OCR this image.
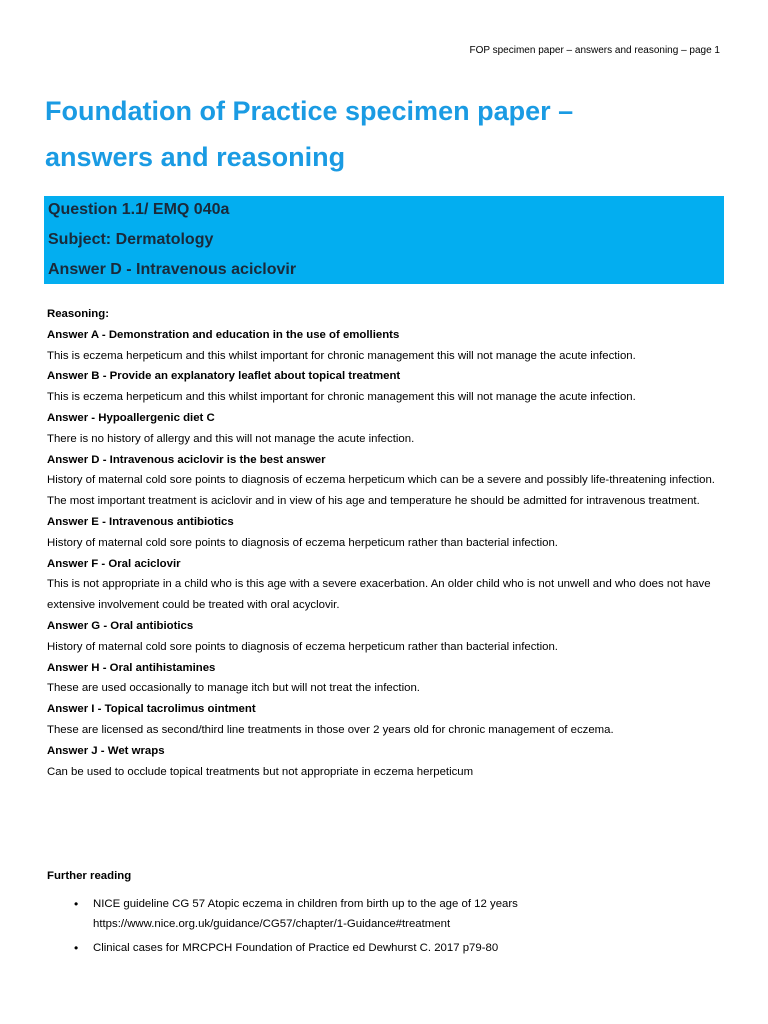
FOP specimen paper – answers and reasoning – page 1
Foundation of Practice specimen paper –
answers and reasoning
Question 1.1/ EMQ 040a
Subject: Dermatology
Answer D - Intravenous aciclovir

Reasoning:

Answer A - Demonstration and education in the use of emollients

This is eczema herpeticum and this whilst important for chronic management this will not manage the acute infection.

Answer B - Provide an explanatory leaflet about topical treatment

This is eczema herpeticum and this whilst important for chronic management this will not manage the acute infection.

Answer - Hypoallergenic diet C

There is no history of allergy and this will not manage the acute infection.

Answer D - Intravenous aciclovir is the best answer

History of maternal cold sore points to diagnosis of eczema herpeticum which can be a severe and possibly life-threatening infection. The most important treatment is aciclovir and in view of his age and temperature he should be admitted for intravenous treatment.

Answer E - Intravenous antibiotics

History of maternal cold sore points to diagnosis of eczema herpeticum rather than bacterial infection.

Answer F - Oral aciclovir

This is not appropriate in a child who is this age with a severe exacerbation. An older child who is not unwell and who does not have extensive involvement could be treated with oral acyclovir.

Answer G - Oral antibiotics

History of maternal cold sore points to diagnosis of eczema herpeticum rather than bacterial infection.

Answer H - Oral antihistamines

These are used occasionally to manage itch but will not treat the infection.

Answer I - Topical tacrolimus ointment

These are licensed as second/third line treatments in those over 2 years old for chronic management of eczema.

Answer J - Wet wraps

Can be used to occlude topical treatments but not appropriate in eczema herpeticum

Further reading
• NICE guideline CG 57 Atopic eczema in children from birth up to the age of 12 years
https://www.nice.org.uk/guidance/CG57/chapter/1-Guidance#treatment
• Clinical cases for MRCPCH Foundation of Practice ed Dewhurst C. 2017 p79-80
